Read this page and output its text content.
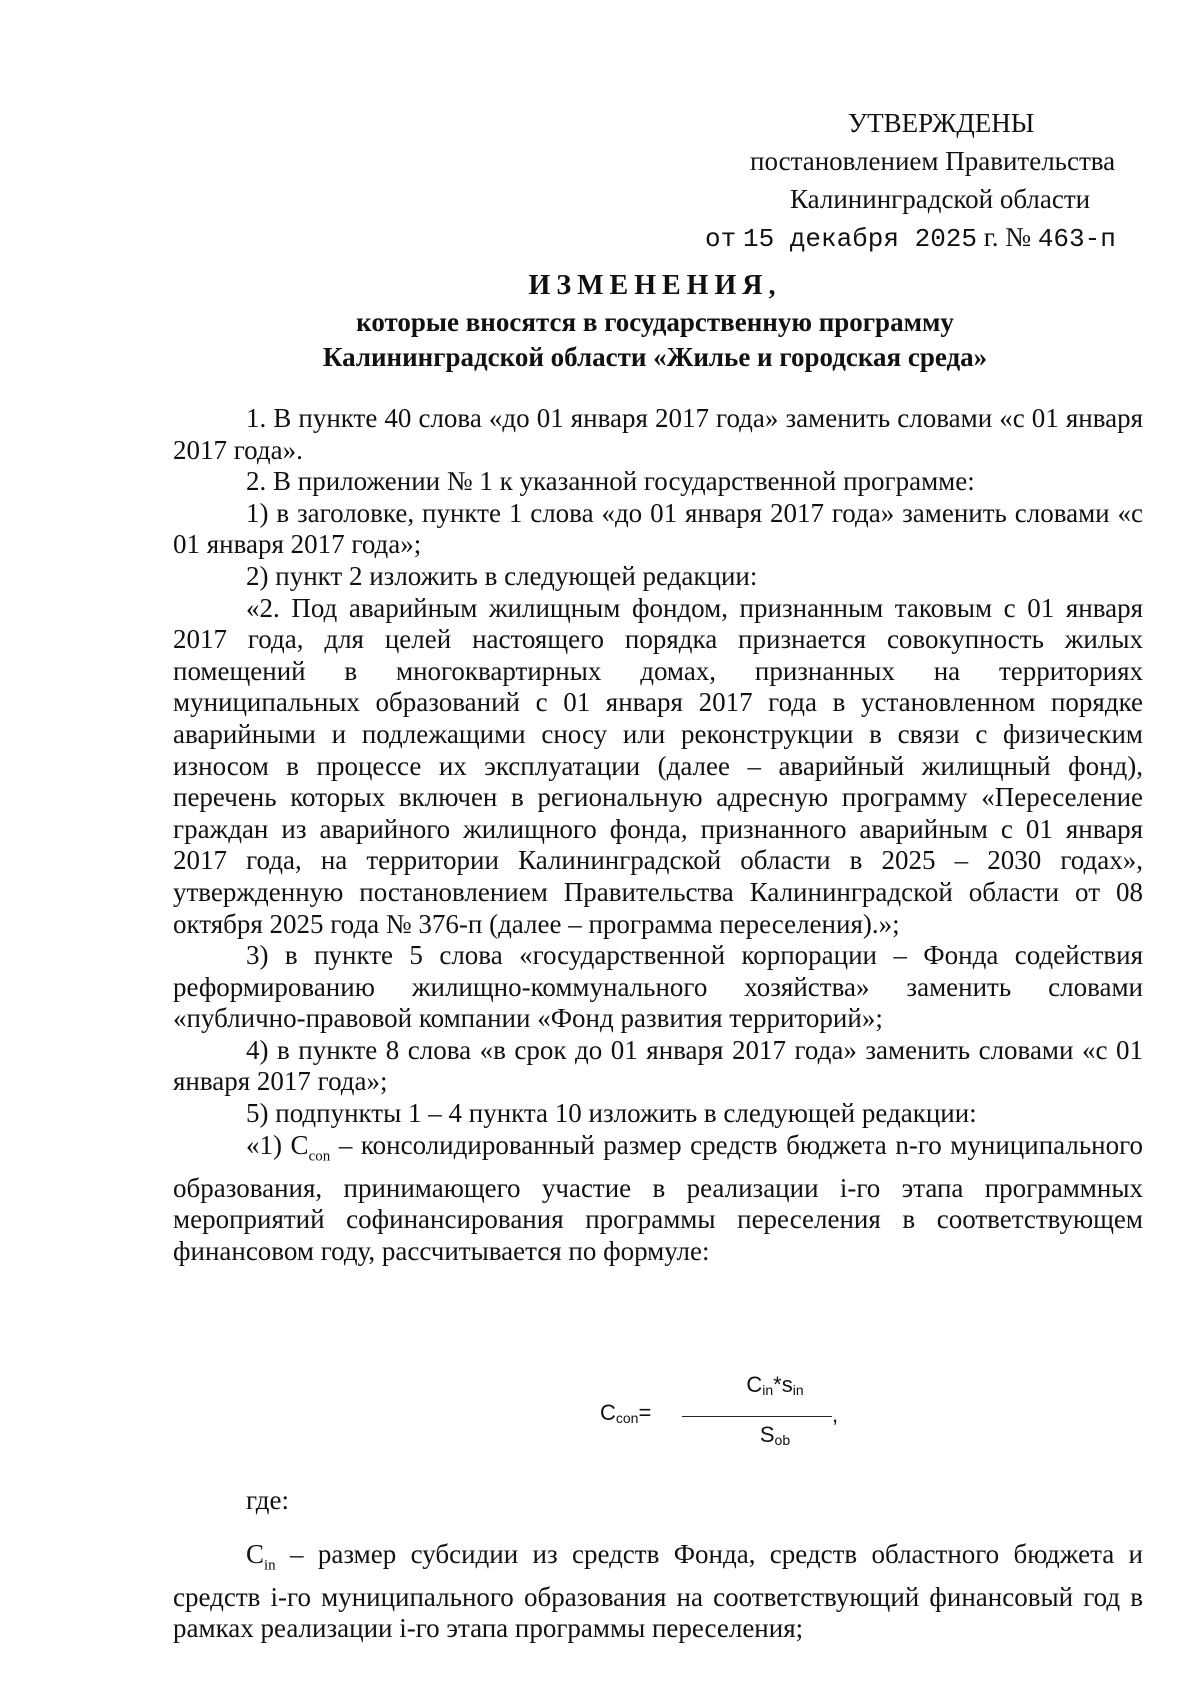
УТВЕРЖДЕНЫ
постановлением Правительства
Калининградской области
от 15 декабря 2025 г. № 463-п
ИЗМЕНЕНИЯ,
которые вносятся в государственную программу
Калининградской области «Жилье и городская среда»

1. В пункте 40 слова «до 01 января 2017 года» заменить словами «с 01 января 2017 года».

2. В приложении № 1 к указанной государственной программе:

1) в заголовке, пункте 1 слова «до 01 января 2017 года» заменить словами «с 01 января 2017 года»;

2) пункт 2 изложить в следующей редакции:

«2. Под аварийным жилищным фондом, признанным таковым с 01 января 2017 года, для целей настоящего порядка признается совокупность жилых помещений в многоквартирных домах, признанных на территориях муниципальных образований с 01 января 2017 года в установленном порядке аварийными и подлежащими сносу или реконструкции в связи с физическим износом в процессе их эксплуатации (далее – аварийный жилищный фонд), перечень которых включен в региональную адресную программу «Переселение граждан из аварийного жилищного фонда, признанного аварийным с 01 января 2017 года, на территории Калининградской области в 2025 – 2030 годах», утвержденную постановлением Правительства Калининградской области от 08 октября 2025 года № 376-п (далее – программа переселения).»;

3) в пункте 5 слова «государственной корпорации – Фонда содействия реформированию жилищно-коммунального хозяйства» заменить словами «публично-правовой компании «Фонд развития территорий»;

4) в пункте 8 слова «в срок до 01 января 2017 года» заменить словами «с 01 января 2017 года»;

5) подпункты 1 – 4 пункта 10 изложить в следующей редакции:

«1) $C_{con}$ – консолидированный размер средств бюджета n-го муниципального образования, принимающего участие в реализации i-го этапа программных мероприятий софинансирования программы переселения в соответствующем финансовом году, рассчитывается по формуле:

$C_{con}=$
$C_{in}*s_{in}$
$S_{ob}$
,

где:

$C_{in}$ – размер субсидии из средств Фонда, средств областного бюджета и средств i-го муниципального образования на соответствующий финансовый год в рамках реализации i-го этапа программы переселения;
